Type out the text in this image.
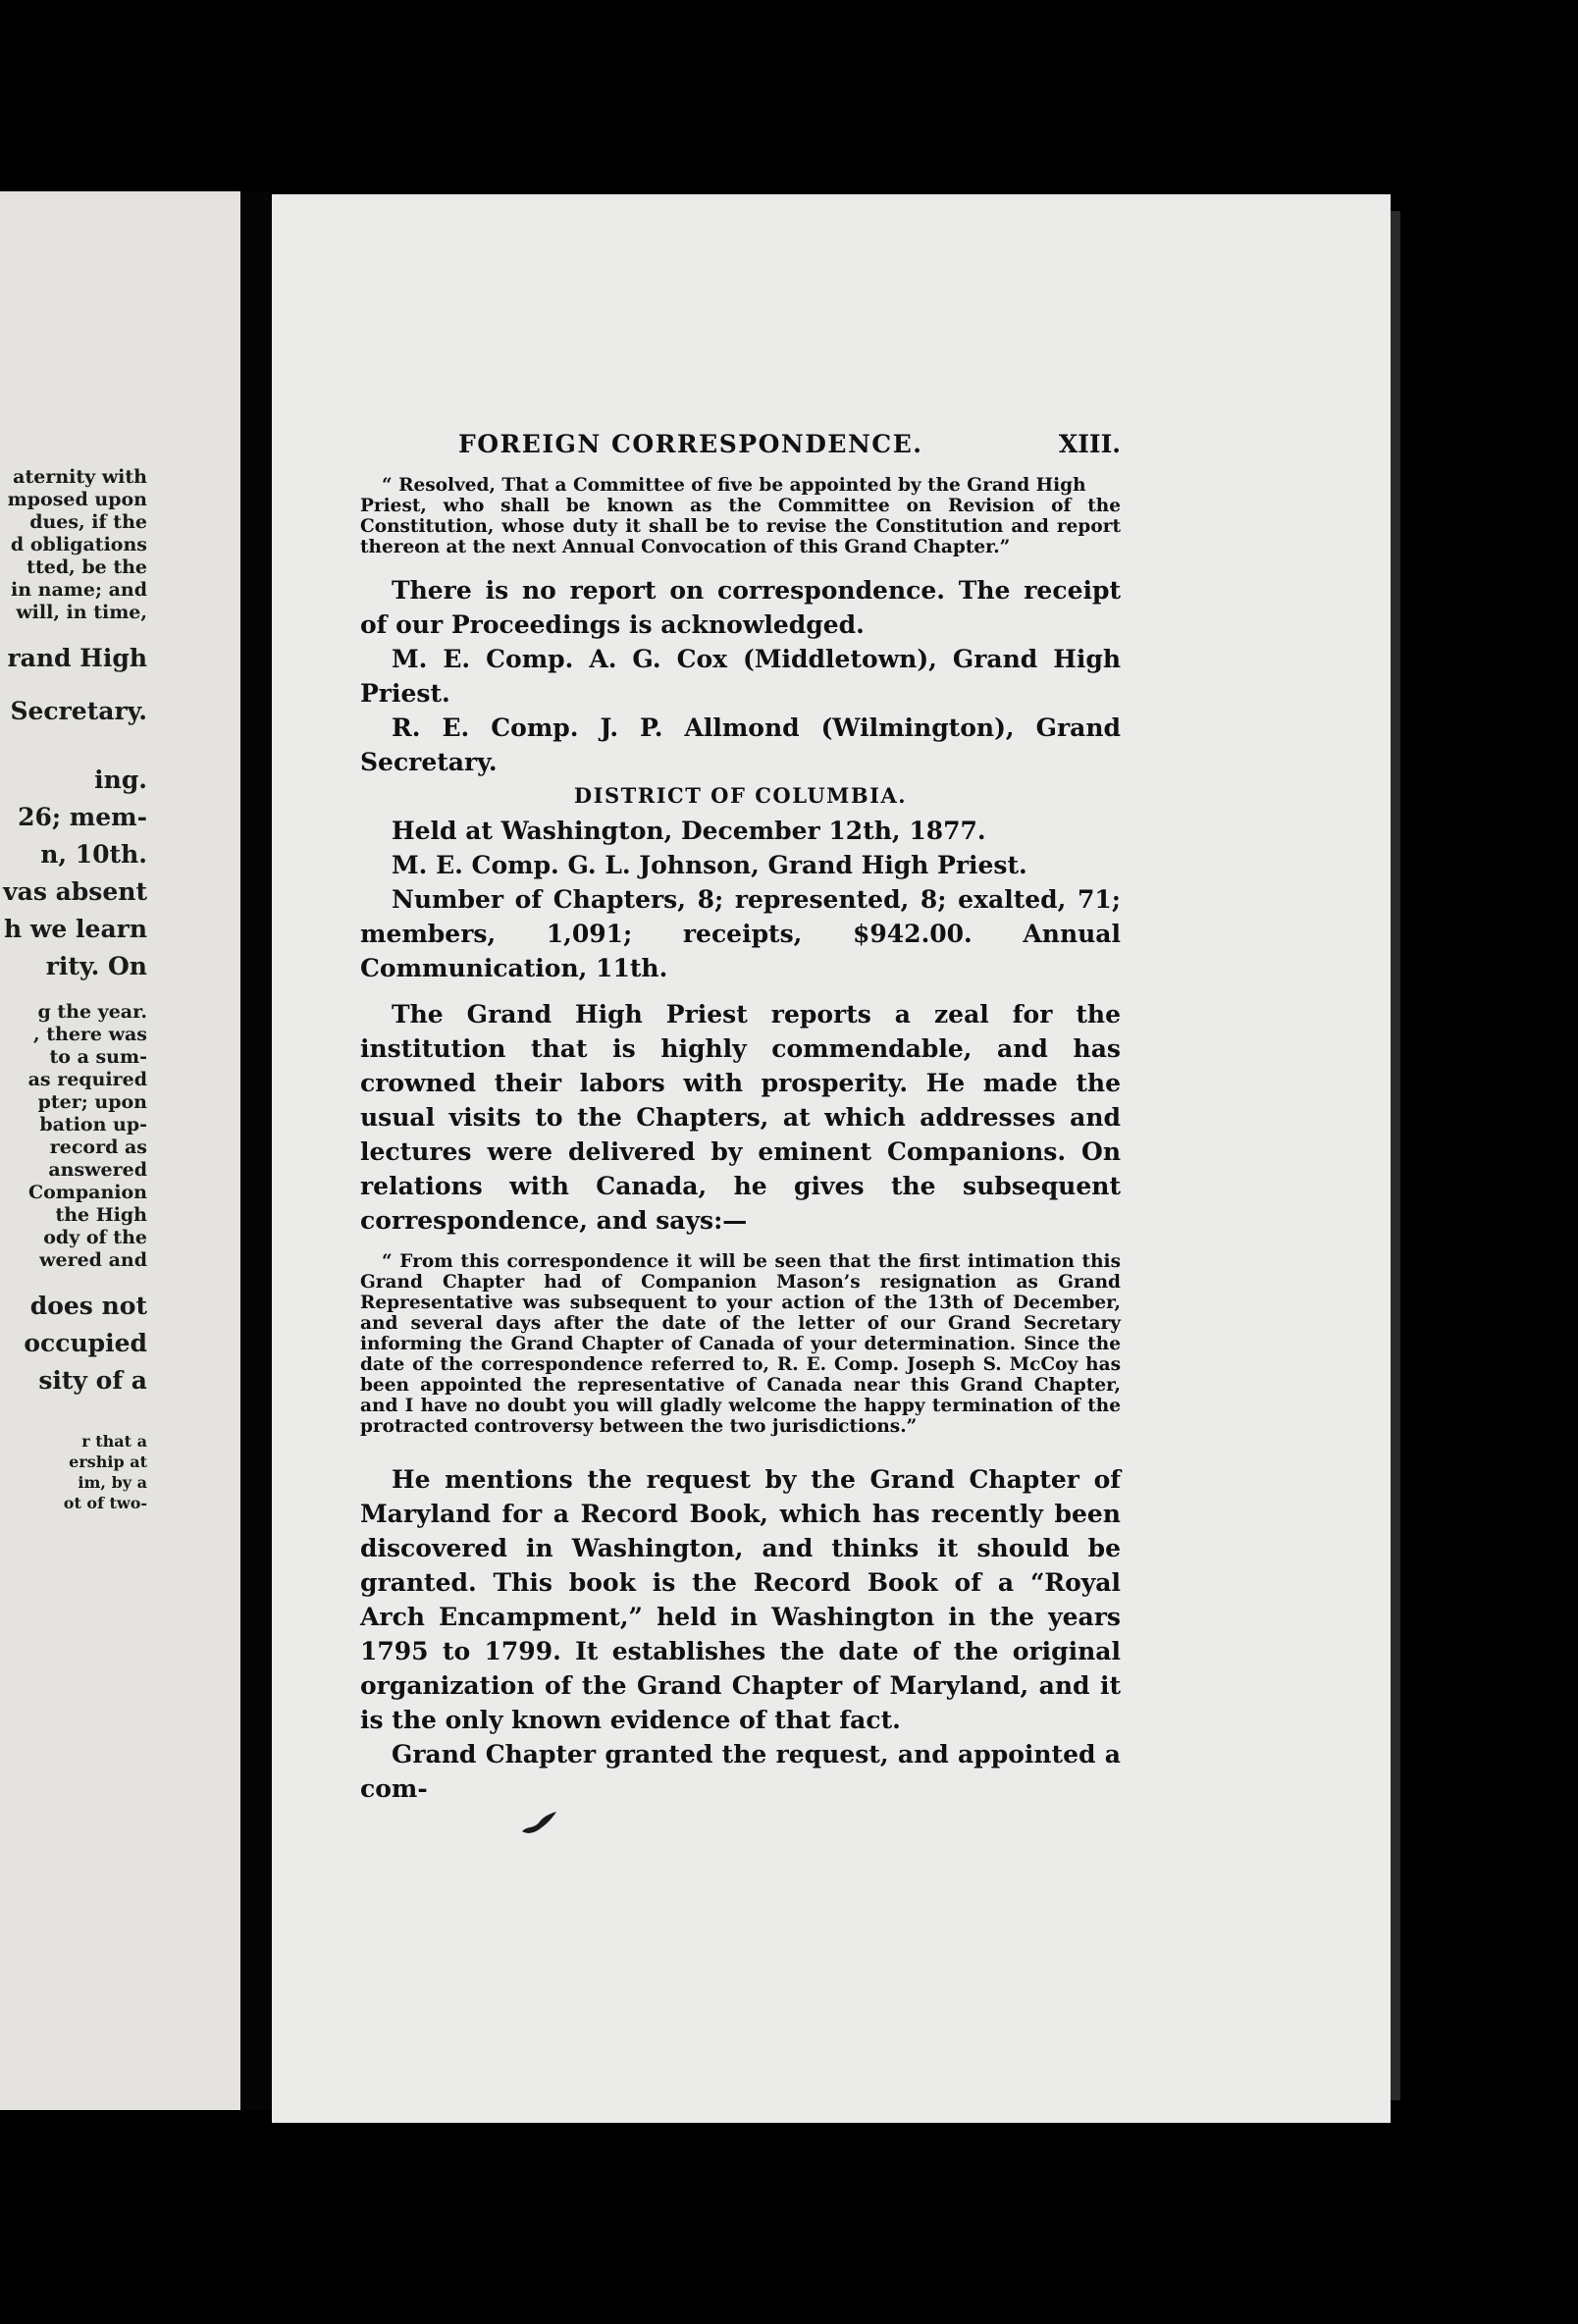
aternity with
mposed upon
dues, if the
d obligations
tted, be the
in name; and
will, in time,
rand High
Secretary.
ing.
26; mem-
n, 10th.
vas absent
h we learn
rity. On
g the year.
, there was
to a sum-
as required
pter; upon
bation up-
record as
answered
Companion
the High
ody of the
wered and
does not
occupied
sity of a
r that a
ership at
im, by a
ot of two-
FOREIGN CORRESPONDENCE.	XIII.
“ Resolved, That a Committee of five be appointed by the Grand High
Priest, who shall be known as the Committee on Revision of the Constitution, whose duty it shall be to revise the Constitution and report thereon at the next Annual Convocation of this Grand Chapter.”

There is no report on correspondence. The receipt of our Proceedings is acknowledged.

M. E. Comp. A. G. Cox (Middletown), Grand High Priest.

R. E. Comp. J. P. Allmond (Wilmington), Grand Secretary.

DISTRICT OF COLUMBIA.

Held at Washington, December 12th, 1877.

M. E. Comp. G. L. Johnson, Grand High Priest.

Number of Chapters, 8; represented, 8; exalted, 71; members, 1,091; receipts, $942.00. Annual Communication, 11th.

The Grand High Priest reports a zeal for the institution that is highly commendable, and has crowned their labors with prosperity. He made the usual visits to the Chapters, at which addresses and lectures were delivered by eminent Companions. On relations with Canada, he gives the subsequent correspondence, and says:—

“ From this correspondence it will be seen that the first intimation this Grand Chapter had of Companion Mason’s resignation as Grand Representative was subsequent to your action of the 13th of December, and several days after the date of the letter of our Grand Secretary informing the Grand Chapter of Canada of your determination. Since the date of the correspondence referred to, R. E. Comp. Joseph S. McCoy has been appointed the representative of Canada near this Grand Chapter, and I have no doubt you will gladly welcome the happy termination of the protracted controversy between the two jurisdictions.”

He mentions the request by the Grand Chapter of Maryland for a Record Book, which has recently been discovered in Washington, and thinks it should be granted. This book is the Record Book of a “Royal Arch Encampment,” held in Washington in the years 1795 to 1799. It establishes the date of the original organization of the Grand Chapter of Maryland, and it is the only known evidence of that fact.

Grand Chapter granted the request, and appointed a com-
